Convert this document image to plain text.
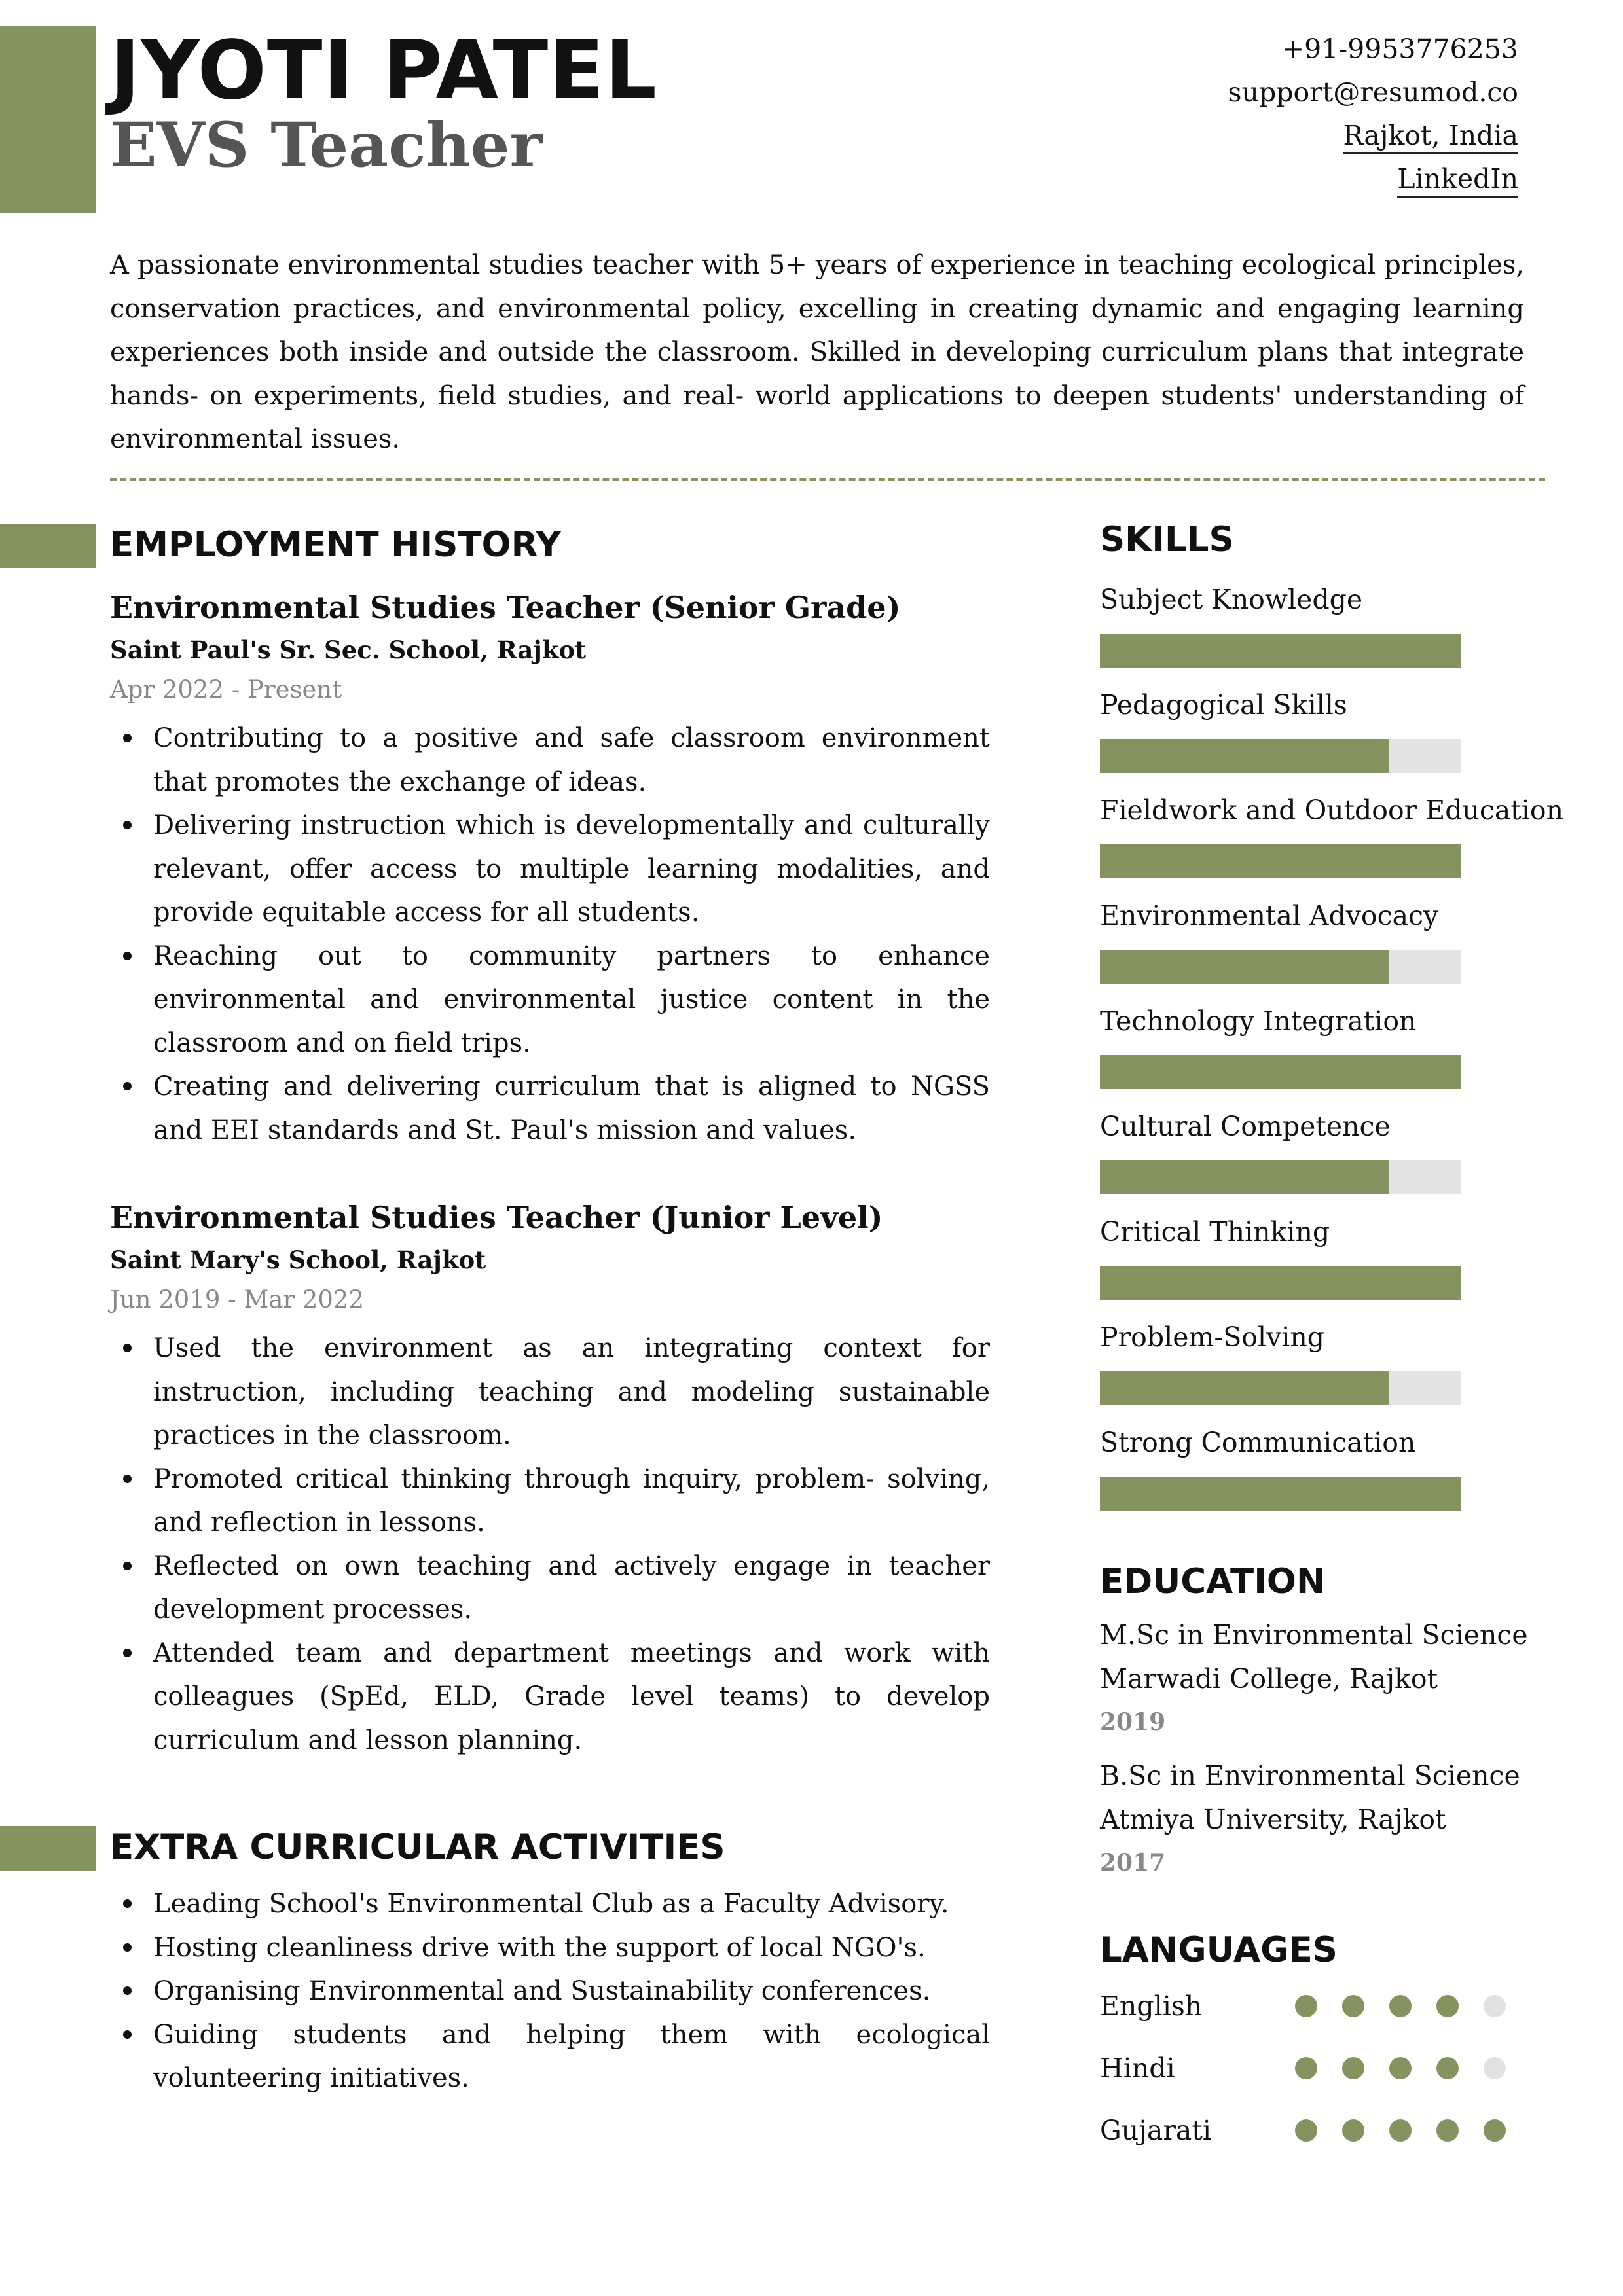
JYOTI PATEL
EVS Teacher
+91-9953776253
support@resumod.co
Rajkot, India
LinkedIn

A passionate environmental studies teacher with 5+ years of experience in teaching ecological principles, conservation practices, and environmental policy, excelling in creating dynamic and engaging learning experiences both inside and outside the classroom. Skilled in developing curriculum plans that integrate hands- on experiments, field studies, and real- world applications to deepen students' understanding of environmental issues.

EMPLOYMENT HISTORY
Environmental Studies Teacher (Senior Grade)
Saint Paul's Sr. Sec. School, Rajkot
Apr 2022 - Present
Contributing to a positive and safe classroom environment that promotes the exchange of ideas.
Delivering instruction which is developmentally and culturally relevant, offer access to multiple learning modalities, and provide equitable access for all students.
Reaching out to community partners to enhance environmental and environmental justice content in the classroom and on field trips.
Creating and delivering curriculum that is aligned to NGSS and EEI standards and St. Paul's mission and values.
Environmental Studies Teacher (Junior Level)
Saint Mary's School, Rajkot
Jun 2019 - Mar 2022
Used the environment as an integrating context for instruction, including teaching and modeling sustainable practices in the classroom.
Promoted critical thinking through inquiry, problem- solving, and reflection in lessons.
Reflected on own teaching and actively engage in teacher development processes.
Attended team and department meetings and work with colleagues (SpEd, ELD, Grade level teams) to develop curriculum and lesson planning.
EXTRA CURRICULAR ACTIVITIES
Leading School's Environmental Club as a Faculty Advisory.
Hosting cleanliness drive with the support of local NGO's.
Organising Environmental and Sustainability conferences.
Guiding students and helping them with ecological volunteering initiatives.
SKILLS
Subject Knowledge
Pedagogical Skills
Fieldwork and Outdoor Education
Environmental Advocacy
Technology Integration
Cultural Competence
Critical Thinking
Problem-Solving
Strong Communication
EDUCATION
M.Sc in Environmental Science
Marwadi College, Rajkot
2019
B.Sc in Environmental Science
Atmiya University, Rajkot
2017
LANGUAGES
English
Hindi
Gujarati
